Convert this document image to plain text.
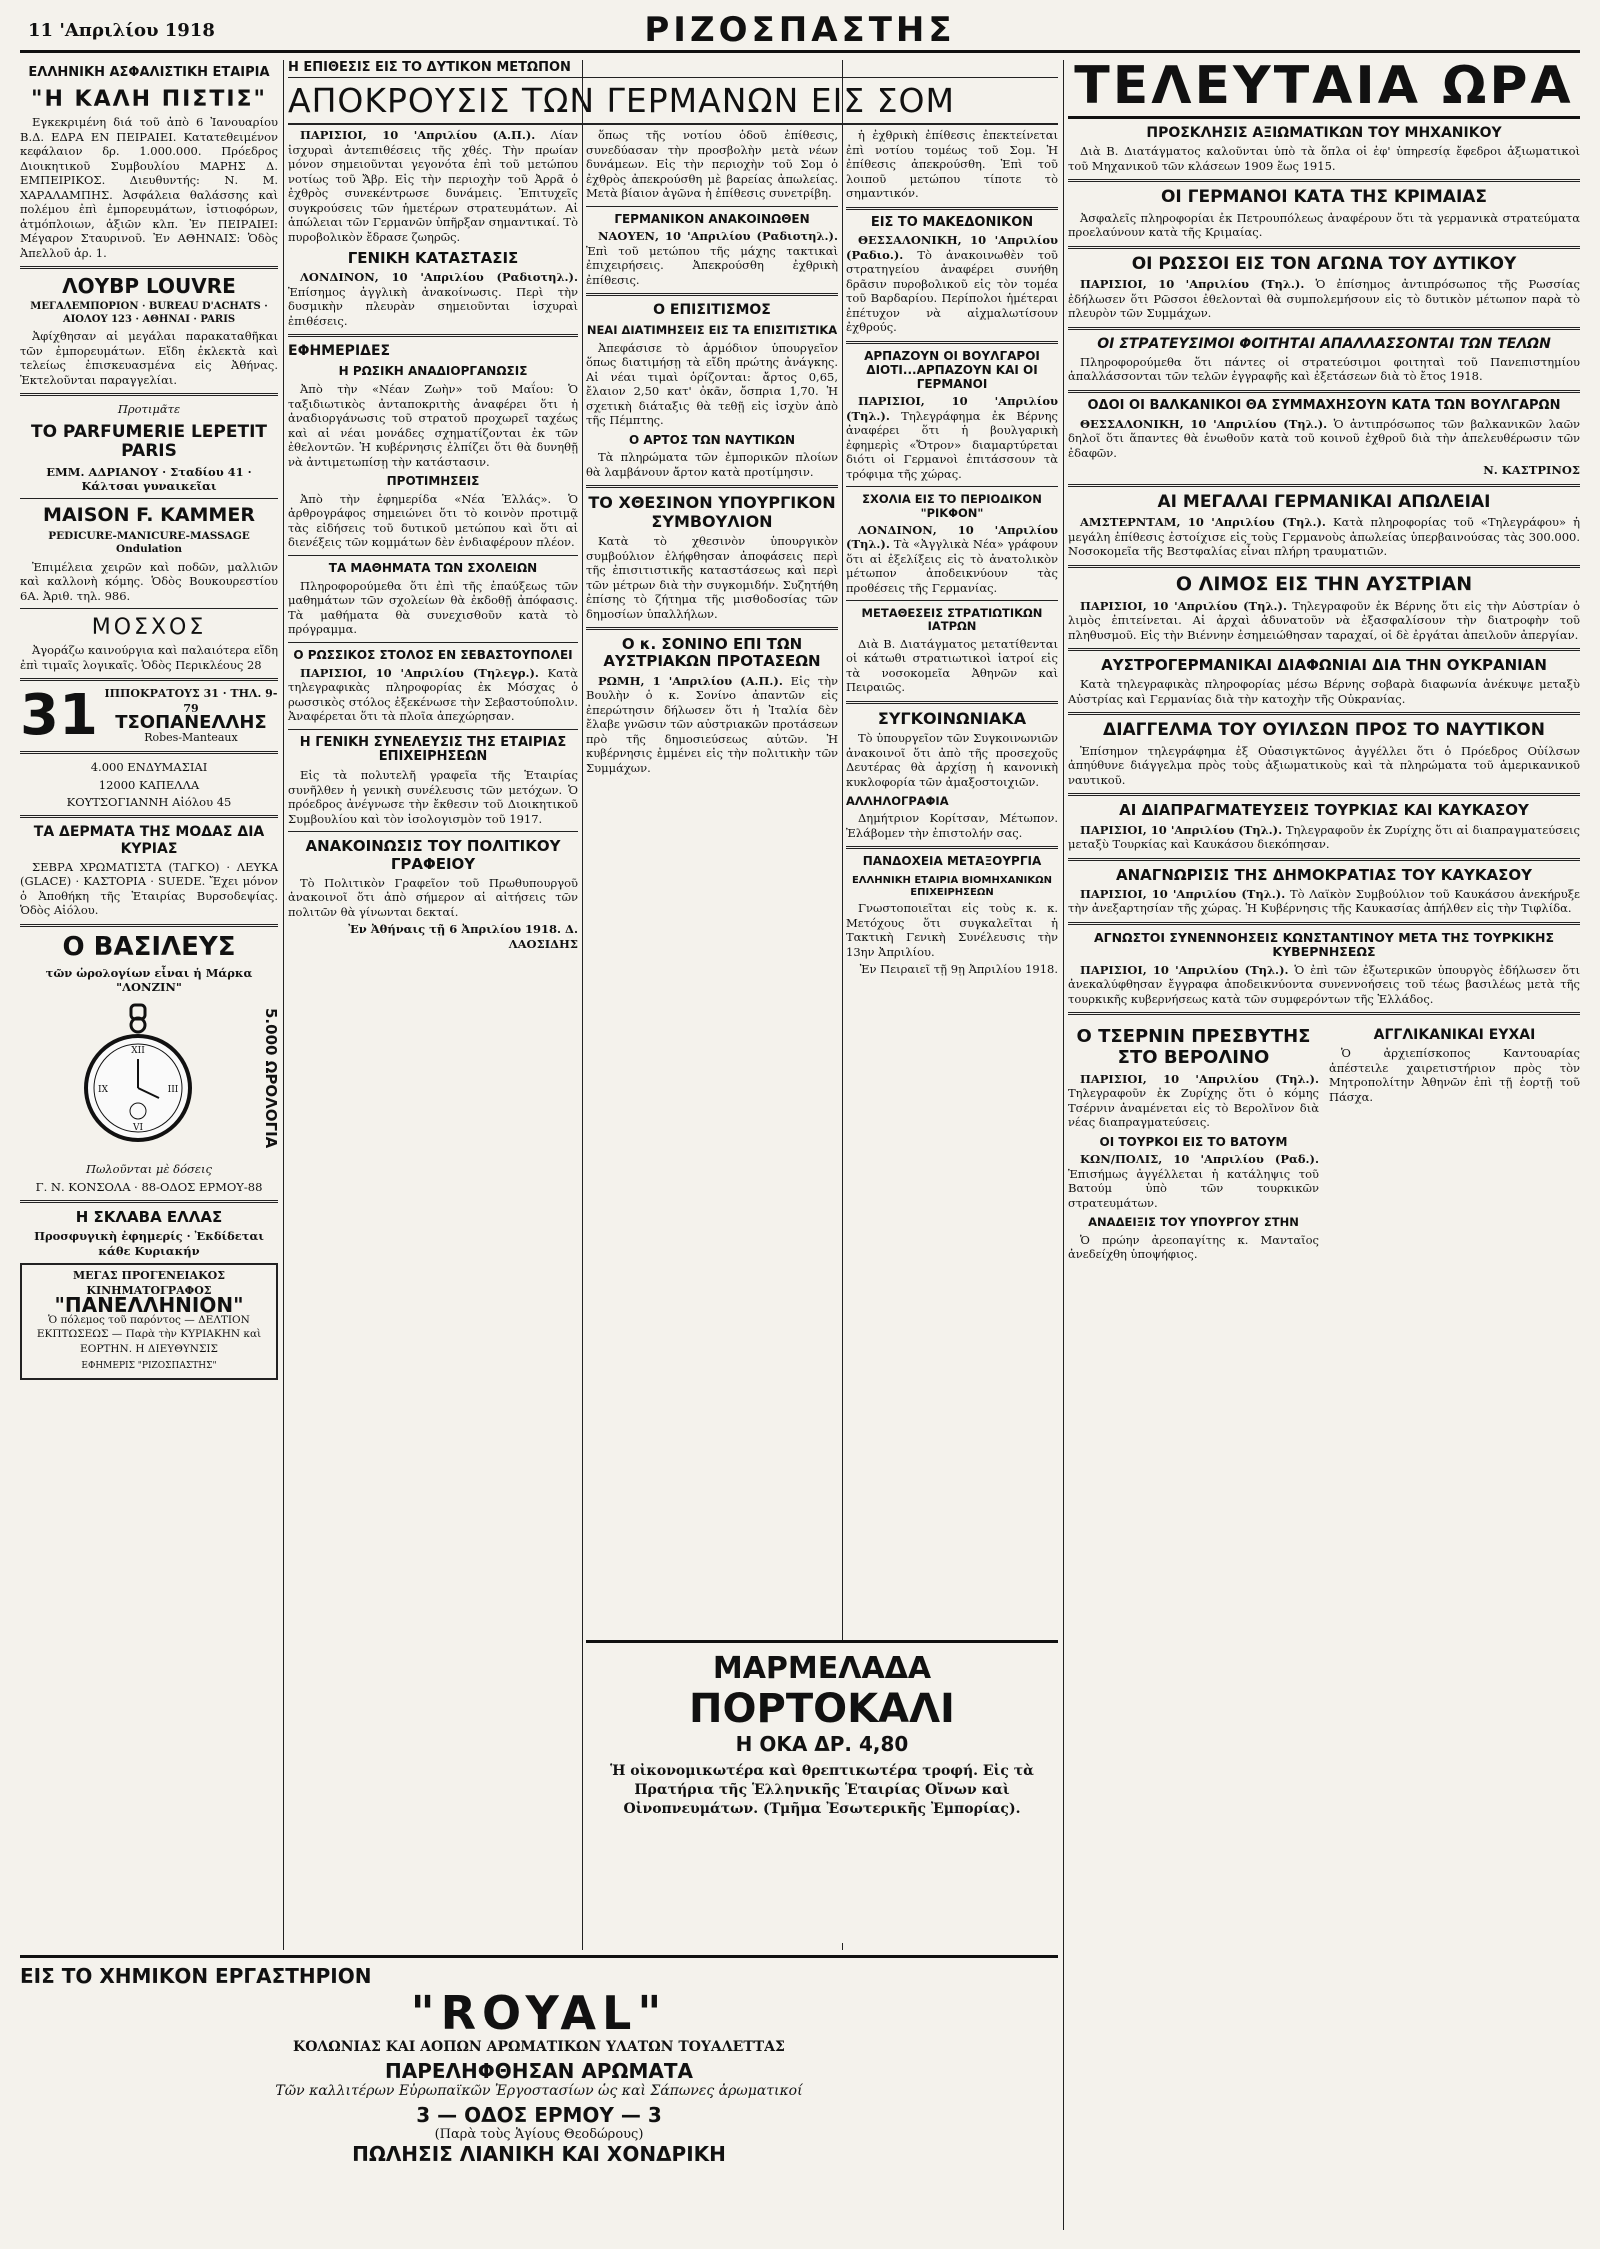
11 'Απριλίου 1918	ΡΙΖΟΣΠΑΣΤΗΣ
ΕΛΛΗΝΙΚΗ ΑΣΦΑΛΙΣΤΙΚΗ ΕΤΑΙΡΙΑ
"Η ΚΑΛΗ ΠΙΣΤΙΣ"

Εγκεκριμένη διά τοῦ ἀπὸ 6 Ἰανουαρίου Β.Δ. ΕΔΡΑ ΕΝ ΠΕΙΡΑΙΕΙ. Κατατεθειμένον κεφάλαιον δρ. 1.000.000. Πρόεδρος Διοικητικοῦ Συμβουλίου ΜΑΡΗΣ Δ. ΕΜΠΕΙΡΙΚΟΣ. Διευθυντής: Ν. Μ. ΧΑΡΑΛΑΜΠΗΣ. Ἀσφάλεια θαλάσσης καὶ πολέμου ἐπὶ ἐμπορευμάτων, ἱστιοφόρων, ἀτμόπλοιων, ἀξιῶν κλπ. Ἐν ΠΕΙΡΑΙΕΙ: Μέγαρον Σταυρινοῦ. Ἐν ΑΘΗΝΑΙΣ: Ὁδὸς Ἀπελλοῦ ἀρ. 1.

ΛΟΥΒΡ LOUVRE
ΜΕΓΑΛΕΜΠΟΡΙΟΝ · BUREAU D'ACHATS · ΑΙΟΛΟΥ 123 · ΑΘΗΝΑΙ · PARIS

Ἀφίχθησαν αἱ μεγάλαι παρακαταθῆκαι τῶν ἐμπορευμάτων. Εἴδη ἐκλεκτὰ καὶ τελείως ἐπισκευασμένα εἰς Ἀθήνας. Ἐκτελοῦνται παραγγελίαι.

Προτιμᾶτε
ΤΟ PARFUMERIE LEPETIT PARIS
ΕΜΜ. ΑΔΡΙΑΝΟΥ · Σταδίου 41 · Κάλτσαι γυναικεῖαι
MAISON F. KAMMER
PEDICURE-MANICURE-MASSAGE Ondulation

Ἐπιμέλεια χειρῶν καὶ ποδῶν, μαλλιῶν καὶ καλλονὴ κόμης. Ὁδὸς Βουκουρεστίου 6Α. Ἀριθ. τηλ. 986.

ΜΟΣΧΟΣ

Ἀγοράζω καινούργια καὶ παλαιότερα εἴδη ἐπὶ τιμαῖς λογικαῖς. Ὁδὸς Περικλέους 28

31 ΙΠΠΟΚΡΑΤΟΥΣ 31 · ΤΗΛ. 9-79
ΤΣΟΠΑΝΕΛΛΗΣ
Robes-Manteaux
4.000 ΕΝΔΥΜΑΣΙΑΙ
12000 ΚΑΠΕΛΛΑ
ΚΟΥΤΣΟΓΙΑΝΝΗ Αἰόλου 45
ΤΑ ΔΕΡΜΑΤΑ ΤΗΣ ΜΟΔΑΣ ΔΙΑ ΚΥΡΙΑΣ

ΣΕΒΡΑ ΧΡΩΜΑΤΙΣΤΑ (ΤΑΓΚΟ) · ΛΕΥΚΑ (GLACE) · ΚΑΣΤΟΡΙΑ · SUEDE. Ἔχει μόνον ὁ Ἀποθήκη τῆς Ἑταιρίας Βυρσοδεψίας. Ὁδὸς Αἰόλου.

Ο ΒΑΣΙΛΕΥΣ
τῶν ὡρολογίων εἶναι ἡ Μάρκα "ΛΟΝΖΙΝ"
XII
III
VI
IX	5.000 ΩΡΟΛΟΓΙΑ
Πωλοῦνται μὲ δόσεις
Γ. Ν. ΚΟΝΣΟΛΑ · 88-ΟΔΟΣ ΕΡΜΟΥ-88
Η ΣΚΛΑΒΑ ΕΛΛΑΣ
Προσφυγικὴ ἐφημερίς · Ἐκδίδεται κάθε Κυριακήν
ΜΕΓΑΣ ΠΡΟΓΕΝΕΙΑΚΟΣ ΚΙΝΗΜΑΤΟΓΡΑΦΟΣ
"ΠΑΝΕΛΛΗΝΙΟΝ"
Ὁ πόλεμος τοῦ παρόντος — ΔΕΛΤΙΟΝ ΕΚΠΤΩΣΕΩΣ — Παρὰ τὴν ΚΥΡΙΑΚΗΝ καὶ ΕΟΡΤΗΝ. Η ΔΙΕΥΘΥΝΣΙΣ
ΕΦΗΜΕΡΙΣ "ΡΙΖΟΣΠΑΣΤΗΣ"
Η ΕΠΙΘΕΣΙΣ ΕΙΣ ΤΟ ΔΥΤΙΚΟΝ ΜΕΤΩΠΟΝ
ΑΠΟΚΡΟΥΣΙΣ ΤΩΝ ΓΕΡΜΑΝΩΝ ΕΙΣ ΣΟΜ

ΠΑΡΙΣΙΟΙ, 10 'Απριλίου (Α.Π.). Λίαν ἰσχυραὶ ἀντεπιθέσεις τῆς χθές. Τὴν πρωίαν μόνον σημειοῦνται γεγονότα ἐπὶ τοῦ μετώπου νοτίως τοῦ Ἄβρ. Εἰς τὴν περιοχὴν τοῦ Ἀρρᾶ ὁ ἐχθρὸς συνεκέντρωσε δυνάμεις. Ἐπιτυχεῖς συγκρούσεις τῶν ἡμετέρων στρατευμάτων. Αἱ ἀπώλειαι τῶν Γερμανῶν ὑπῆρξαν σημαντικαί. Τὸ πυροβολικὸν ἔδρασε ζωηρῶς.

ΓΕΝΙΚΗ ΚΑΤΑΣΤΑΣΙΣ

ΛΟΝΔΙΝΟΝ, 10 'Απριλίου (Ραδιοτηλ.). Ἐπίσημος ἀγγλικὴ ἀνακοίνωσις. Περὶ τὴν δυσμικὴν πλευρὰν σημειοῦνται ἰσχυραὶ ἐπιθέσεις.

ΕΦΗΜΕΡΙΔΕΣ
Η ΡΩΣΙΚΗ ΑΝΑΔΙΟΡΓΑΝΩΣΙΣ

Ἀπὸ τὴν «Νέαν Ζωὴν» τοῦ Μαΐου: Ὁ ταξιδιωτικὸς ἀνταποκριτὴς ἀναφέρει ὅτι ἡ ἀναδιοργάνωσις τοῦ στρατοῦ προχωρεῖ ταχέως καὶ αἱ νέαι μονάδες σχηματίζονται ἐκ τῶν ἐθελοντῶν. Ἡ κυβέρνησις ἐλπίζει ὅτι θὰ δυνηθῇ νὰ ἀντιμετωπίσῃ τὴν κατάστασιν.

ΠΡΟΤΙΜΗΣΕΙΣ

Ἀπὸ τὴν ἐφημερίδα «Νέα Ἑλλάς». Ὁ ἀρθρογράφος σημειώνει ὅτι τὸ κοινὸν προτιμᾷ τὰς εἰδήσεις τοῦ δυτικοῦ μετώπου καὶ ὅτι αἱ διενέξεις τῶν κομμάτων δὲν ἐνδιαφέρουν πλέον.

ΤΑ ΜΑΘΗΜΑΤΑ ΤΩΝ ΣΧΟΛΕΙΩΝ

Πληροφορούμεθα ὅτι ἐπὶ τῆς ἐπαύξεως τῶν μαθημάτων τῶν σχολείων θὰ ἐκδοθῇ ἀπόφασις. Τὰ μαθήματα θὰ συνεχισθοῦν κατὰ τὸ πρόγραμμα.

Ο ΡΩΣΣΙΚΟΣ ΣΤΟΛΟΣ ΕΝ ΣΕΒΑΣΤΟΥΠΟΛΕΙ

ΠΑΡΙΣΙΟΙ, 10 'Απριλίου (Τηλεγρ.). Κατὰ τηλεγραφικὰς πληροφορίας ἐκ Μόσχας ὁ ρωσσικὸς στόλος ἐξεκένωσε τὴν Σεβαστούπολιν. Ἀναφέρεται ὅτι τὰ πλοῖα ἀπεχώρησαν.

Η ΓΕΝΙΚΗ ΣΥΝΕΛΕΥΣΙΣ ΤΗΣ ΕΤΑΙΡΙΑΣ ΕΠΙΧΕΙΡΗΣΕΩΝ

Εἰς τὰ πολυτελῆ γραφεῖα τῆς Ἑταιρίας συνῆλθεν ἡ γενικὴ συνέλευσις τῶν μετόχων. Ὁ πρόεδρος ἀνέγνωσε τὴν ἔκθεσιν τοῦ Διοικητικοῦ Συμβουλίου καὶ τὸν ἰσολογισμὸν τοῦ 1917.

ΑΝΑΚΟΙΝΩΣΙΣ ΤΟΥ ΠΟΛΙΤΙΚΟΥ ΓΡΑΦΕΙΟΥ

Τὸ Πολιτικὸν Γραφεῖον τοῦ Πρωθυπουργοῦ ἀνακοινοῖ ὅτι ἀπὸ σήμερον αἱ αἰτήσεις τῶν πολιτῶν θὰ γίνωνται δεκταί.

Ἐν Ἀθήναις τῇ 6 Ἀπριλίου 1918. Δ. ΛΑΟΣΙΔΗΣ

ὅπως τῆς νοτίου ὁδοῦ ἐπίθεσις, συνεδύασαν τὴν προσβολὴν μετὰ νέων δυνάμεων. Εἰς τὴν περιοχὴν τοῦ Σομ ὁ ἐχθρὸς ἀπεκρούσθη μὲ βαρείας ἀπωλείας. Μετὰ βίαιον ἀγῶνα ἡ ἐπίθεσις συνετρίβη.

ΓΕΡΜΑΝΙΚΟΝ ΑΝΑΚΟΙΝΩΘΕΝ

ΝΑΟΥΕΝ, 10 'Απριλίου (Ραδιοτηλ.). Ἐπὶ τοῦ μετώπου τῆς μάχης τακτικαὶ ἐπιχειρήσεις. Ἀπεκρούσθη ἐχθρικὴ ἐπίθεσις.

Ο ΕΠΙΣΙΤΙΣΜΟΣ
ΝΕΑΙ ΔΙΑΤΙΜΗΣΕΙΣ ΕΙΣ ΤΑ ΕΠΙΣΙΤΙΣΤΙΚΑ

Ἀπεφάσισε τὸ ἁρμόδιον ὑπουργεῖον ὅπως διατιμήσῃ τὰ εἴδη πρώτης ἀνάγκης. Αἱ νέαι τιμαὶ ὁρίζονται: ἄρτος 0,65, ἔλαιον 2,50 κατ' ὀκᾶν, ὄσπρια 1,70. Ἡ σχετικὴ διάταξις θὰ τεθῇ εἰς ἰσχὺν ἀπὸ τῆς Πέμπτης.

Ο ΑΡΤΟΣ ΤΩΝ ΝΑΥΤΙΚΩΝ

Τὰ πληρώματα τῶν ἐμπορικῶν πλοίων θὰ λαμβάνουν ἄρτον κατὰ προτίμησιν.

ΤΟ ΧΘΕΣΙΝΟΝ ΥΠΟΥΡΓΙΚΟΝ ΣΥΜΒΟΥΛΙΟΝ

Κατὰ τὸ χθεσινὸν ὑπουργικὸν συμβούλιον ἐλήφθησαν ἀποφάσεις περὶ τῆς ἐπισιτιστικῆς καταστάσεως καὶ περὶ τῶν μέτρων διὰ τὴν συγκομιδήν. Συζητήθη ἐπίσης τὸ ζήτημα τῆς μισθοδοσίας τῶν δημοσίων ὑπαλλήλων.

Ο κ. ΣΟΝΙΝΟ ΕΠΙ ΤΩΝ ΑΥΣΤΡΙΑΚΩΝ ΠΡΟΤΑΣΕΩΝ

ΡΩΜΗ, 1 'Απριλίου (Α.Π.). Εἰς τὴν Βουλὴν ὁ κ. Σονίνο ἀπαντῶν εἰς ἐπερώτησιν δήλωσεν ὅτι ἡ Ἰταλία δὲν ἔλαβε γνῶσιν τῶν αὐστριακῶν προτάσεων πρὸ τῆς δημοσιεύσεως αὐτῶν. Ἡ κυβέρνησις ἐμμένει εἰς τὴν πολιτικὴν τῶν Συμμάχων.

ἡ ἐχθρικὴ ἐπίθεσις ἐπεκτείνεται ἐπὶ νοτίου τομέως τοῦ Σομ. Ἡ ἐπίθεσις ἀπεκρούσθη. Ἐπὶ τοῦ λοιποῦ μετώπου τίποτε τὸ σημαντικόν.

ΕΙΣ ΤΟ ΜΑΚΕΔΟΝΙΚΟΝ

ΘΕΣΣΑΛΟΝΙΚΗ, 10 'Απριλίου (Ραδιο.). Τὸ ἀνακοινωθὲν τοῦ στρατηγείου ἀναφέρει συνήθη δρᾶσιν πυροβολικοῦ εἰς τὸν τομέα τοῦ Βαρδαρίου. Περίπολοι ἡμέτεραι ἐπέτυχον νὰ αἰχμαλωτίσουν ἐχθρούς.

ΑΡΠΑΖΟΥΝ ΟΙ ΒΟΥΛΓΑΡΟΙ ΔΙΟΤΙ...ΑΡΠΑΖΟΥΝ ΚΑΙ ΟΙ ΓΕΡΜΑΝΟΙ

ΠΑΡΙΣΙΟΙ, 10 'Απριλίου (Τηλ.). Τηλεγράφημα ἐκ Βέρνης ἀναφέρει ὅτι ἡ βουλγαρικὴ ἐφημερὶς «Ὄτρον» διαμαρτύρεται διότι οἱ Γερμανοὶ ἐπιτάσσουν τὰ τρόφιμα τῆς χώρας.

ΣΧΟΛΙΑ ΕΙΣ ΤΟ ΠΕΡΙΟΔΙΚΟΝ "ΡΙΚΦΟΝ"

ΛΟΝΔΙΝΟΝ, 10 'Απριλίου (Τηλ.). Τὰ «Ἀγγλικὰ Νέα» γράφουν ὅτι αἱ ἐξελίξεις εἰς τὸ ἀνατολικὸν μέτωπον ἀποδεικνύουν τὰς προθέσεις τῆς Γερμανίας.

ΜΕΤΑΘΕΣΕΙΣ ΣΤΡΑΤΙΩΤΙΚΩΝ ΙΑΤΡΩΝ

Διὰ Β. Διατάγματος μετατίθενται οἱ κάτωθι στρατιωτικοὶ ἰατροί εἰς τὰ νοσοκομεῖα Ἀθηνῶν καὶ Πειραιῶς.

ΣΥΓΚΟΙΝΩΝΙΑΚΑ

Τὸ ὑπουργεῖον τῶν Συγκοινωνιῶν ἀνακοινοῖ ὅτι ἀπὸ τῆς προσεχοῦς Δευτέρας θὰ ἀρχίσῃ ἡ κανονικὴ κυκλοφορία τῶν ἀμαξοστοιχιῶν.

ΑΛΛΗΛΟΓΡΑΦΙΑ

Δημήτριον Κορίτσαν, Μέτωπον. Ἐλάβομεν τὴν ἐπιστολήν σας.

ΠΑΝΔΟΧΕΙΑ ΜΕΤΑΞΟΥΡΓΙΑ
ΕΛΛΗΝΙΚΗ ΕΤΑΙΡΙΑ ΒΙΟΜΗΧΑΝΙΚΩΝ ΕΠΙΧΕΙΡΗΣΕΩΝ

Γνωστοποιεῖται εἰς τοὺς κ. κ. Μετόχους ὅτι συγκαλεῖται ἡ Τακτικὴ Γενικὴ Συνέλευσις τὴν 13ην Ἀπριλίου.

Ἐν Πειραιεῖ τῇ 9ῃ Ἀπριλίου 1918.
ΜΑΡΜΕΛΑΔΑ
ΠΟΡΤΟΚΑΛΙ
Η ΟΚΑ ΔΡ. 4,80
Ἡ οἰκονομικωτέρα καὶ θρεπτικωτέρα τροφή. Εἰς τὰ Πρατήρια τῆς Ἑλληνικῆς Ἑταιρίας Οἴνων καὶ Οἰνοπνευμάτων. (Τμῆμα Ἐσωτερικῆς Ἐμπορίας).
ΤΕΛΕΥΤΑΙΑ ΩΡΑ
ΠΡΟΣΚΛΗΣΙΣ ΑΞΙΩΜΑΤΙΚΩΝ ΤΟΥ ΜΗΧΑΝΙΚΟΥ

Διὰ Β. Διατάγματος καλοῦνται ὑπὸ τὰ ὅπλα οἱ ἐφ' ὑπηρεσίᾳ ἔφεδροι ἀξιωματικοὶ τοῦ Μηχανικοῦ τῶν κλάσεων 1909 ἕως 1915.

ΟΙ ΓΕΡΜΑΝΟΙ ΚΑΤΑ ΤΗΣ ΚΡΙΜΑΙΑΣ

Ἀσφαλεῖς πληροφορίαι ἐκ Πετρουπόλεως ἀναφέρουν ὅτι τὰ γερμανικὰ στρατεύματα προελαύνουν κατὰ τῆς Κριμαίας.

ΟΙ ΡΩΣΣΟΙ ΕΙΣ ΤΟΝ ΑΓΩΝΑ ΤΟΥ ΔΥΤΙΚΟΥ

ΠΑΡΙΣΙΟΙ, 10 'Απριλίου (Τηλ.). Ὁ ἐπίσημος ἀντιπρόσωπος τῆς Ρωσσίας ἐδήλωσεν ὅτι Ρῶσσοι ἐθελονταὶ θὰ συμπολεμήσουν εἰς τὸ δυτικὸν μέτωπον παρὰ τὸ πλευρὸν τῶν Συμμάχων.

ΟΙ ΣΤΡΑΤΕΥΣΙΜΟΙ ΦΟΙΤΗΤΑΙ ΑΠΑΛΛΑΣΣΟΝΤΑΙ ΤΩΝ ΤΕΛΩΝ

Πληροφορούμεθα ὅτι πάντες οἱ στρατεύσιμοι φοιτηταὶ τοῦ Πανεπιστημίου ἀπαλλάσσονται τῶν τελῶν ἐγγραφῆς καὶ ἐξετάσεων διὰ τὸ ἔτος 1918.

ΟΔΟΙ ΟΙ ΒΑΛΚΑΝΙΚΟΙ ΘΑ ΣΥΜΜΑΧΗΣΟΥΝ ΚΑΤΑ ΤΩΝ ΒΟΥΛΓΑΡΩΝ

ΘΕΣΣΑΛΟΝΙΚΗ, 10 'Απριλίου (Τηλ.). Ὁ ἀντιπρόσωπος τῶν βαλκανικῶν λαῶν δηλοῖ ὅτι ἅπαντες θὰ ἑνωθοῦν κατὰ τοῦ κοινοῦ ἐχθροῦ διὰ τὴν ἀπελευθέρωσιν τῶν ἐδαφῶν.

Ν. ΚΑΣΤΡΙΝΟΣ
ΑΙ ΜΕΓΑΛΑΙ ΓΕΡΜΑΝΙΚΑΙ ΑΠΩΛΕΙΑΙ

ΑΜΣΤΕΡΝΤΑΜ, 10 'Απριλίου (Τηλ.). Κατὰ πληροφορίας τοῦ «Τηλεγράφου» ἡ μεγάλη ἐπίθεσις ἐστοίχισε εἰς τοὺς Γερμανοὺς ἀπωλείας ὑπερβαινούσας τὰς 300.000. Νοσοκομεῖα τῆς Βεστφαλίας εἶναι πλήρη τραυματιῶν.

Ο ΛΙΜΟΣ ΕΙΣ ΤΗΝ ΑΥΣΤΡΙΑΝ

ΠΑΡΙΣΙΟΙ, 10 'Απριλίου (Τηλ.). Τηλεγραφοῦν ἐκ Βέρνης ὅτι εἰς τὴν Αὐστρίαν ὁ λιμὸς ἐπιτείνεται. Αἱ ἀρχαὶ ἀδυνατοῦν νὰ ἐξασφαλίσουν τὴν διατροφὴν τοῦ πληθυσμοῦ. Εἰς τὴν Βιέννην ἐσημειώθησαν ταραχαί, οἱ δὲ ἐργάται ἀπειλοῦν ἀπεργίαν.

ΑΥΣΤΡΟΓΕΡΜΑΝΙΚΑΙ ΔΙΑΦΩΝΙΑΙ ΔΙΑ ΤΗΝ ΟΥΚΡΑΝΙΑΝ

Κατὰ τηλεγραφικὰς πληροφορίας μέσω Βέρνης σοβαρὰ διαφωνία ἀνέκυψε μεταξὺ Αὐστρίας καὶ Γερμανίας διὰ τὴν κατοχὴν τῆς Οὐκρανίας.

ΔΙΑΓΓΕΛΜΑ ΤΟΥ ΟΥΙΛΣΩΝ ΠΡΟΣ ΤΟ ΝΑΥΤΙΚΟΝ

Ἐπίσημον τηλεγράφημα ἐξ Οὐασιγκτῶνος ἀγγέλλει ὅτι ὁ Πρόεδρος Οὐίλσων ἀπηύθυνε διάγγελμα πρὸς τοὺς ἀξιωματικοὺς καὶ τὰ πληρώματα τοῦ ἀμερικανικοῦ ναυτικοῦ.

ΑΙ ΔΙΑΠΡΑΓΜΑΤΕΥΣΕΙΣ ΤΟΥΡΚΙΑΣ ΚΑΙ ΚΑΥΚΑΣΟΥ

ΠΑΡΙΣΙΟΙ, 10 'Απριλίου (Τηλ.). Τηλεγραφοῦν ἐκ Ζυρίχης ὅτι αἱ διαπραγματεύσεις μεταξὺ Τουρκίας καὶ Καυκάσου διεκόπησαν.

ΑΝΑΓΝΩΡΙΣΙΣ ΤΗΣ ΔΗΜΟΚΡΑΤΙΑΣ ΤΟΥ ΚΑΥΚΑΣΟΥ

ΠΑΡΙΣΙΟΙ, 10 'Απριλίου (Τηλ.). Τὸ Λαϊκὸν Συμβούλιον τοῦ Καυκάσου ἀνεκήρυξε τὴν ἀνεξαρτησίαν τῆς χώρας. Ἡ Κυβέρνησις τῆς Καυκασίας ἀπήλθεν εἰς τὴν Τιφλίδα.

ΑΓΝΩΣΤΟΙ ΣΥΝΕΝΝΟΗΣΕΙΣ ΚΩΝΣΤΑΝΤΙΝΟΥ ΜΕΤΑ ΤΗΣ ΤΟΥΡΚΙΚΗΣ ΚΥΒΕΡΝΗΣΕΩΣ

ΠΑΡΙΣΙΟΙ, 10 'Απριλίου (Τηλ.). Ὁ ἐπὶ τῶν ἐξωτερικῶν ὑπουργὸς ἐδήλωσεν ὅτι ἀνεκαλύφθησαν ἔγγραφα ἀποδεικνύοντα συνεννοήσεις τοῦ τέως βασιλέως μετὰ τῆς τουρκικῆς κυβερνήσεως κατὰ τῶν συμφερόντων τῆς Ἑλλάδος.

Ο ΤΣΕΡΝΙΝ ΠΡΕΣΒΥΤΗΣ ΣΤΟ ΒΕΡΟΛΙΝΟ

ΠΑΡΙΣΙΟΙ, 10 'Απριλίου (Τηλ.). Τηλεγραφοῦν ἐκ Ζυρίχης ὅτι ὁ κόμης Τσέρνιν ἀναμένεται εἰς τὸ Βερολῖνον διὰ νέας διαπραγματεύσεις.

ΟΙ ΤΟΥΡΚΟΙ ΕΙΣ ΤΟ ΒΑΤΟΥΜ

ΚΩΝ/ΠΟΛΙΣ, 10 'Απριλίου (Ραδ.). Ἐπισήμως ἀγγέλλεται ἡ κατάληψις τοῦ Βατούμ ὑπὸ τῶν τουρκικῶν στρατευμάτων.

ΑΝΑΔΕΙΞΙΣ ΤΟΥ ΥΠΟΥΡΓΟΥ ΣΤΗΝ

Ὁ πρώην ἀρεοπαγίτης κ. Μανταῖος ἀνεδείχθη ὑποψήφιος.

ΑΓΓΛΙΚΑΝΙΚΑΙ ΕΥΧΑΙ

Ὁ ἀρχιεπίσκοπος Καντουαρίας ἀπέστειλε χαιρετιστήριον πρὸς τὸν Μητροπολίτην Ἀθηνῶν ἐπὶ τῇ ἐορτῇ τοῦ Πάσχα.

ΕΙΣ ΤΟ ΧΗΜΙΚΟΝ ΕΡΓΑΣΤΗΡΙΟΝ
"ROYAL"
ΚΟΛΩΝΙΑΣ ΚΑΙ ΑΟΠΩΝ ΑΡΩΜΑΤΙΚΩΝ ΥΛΑΤΩΝ ΤΟΥΑΛΕΤΤΑΣ
ΠΑΡΕΛΗΦΘΗΣΑΝ ΑΡΩΜΑΤΑ
Τῶν καλλιτέρων Εὐρωπαϊκῶν Ἐργοστασίων ὡς καὶ Σάπωνες ἀρωματικοί
3 — ΟΔΟΣ ΕΡΜΟΥ — 3
(Παρὰ τοὺς Ἁγίους Θεοδώρους)
ΠΩΛΗΣΙΣ ΛΙΑΝΙΚΗ ΚΑΙ ΧΟΝΔΡΙΚΗ
